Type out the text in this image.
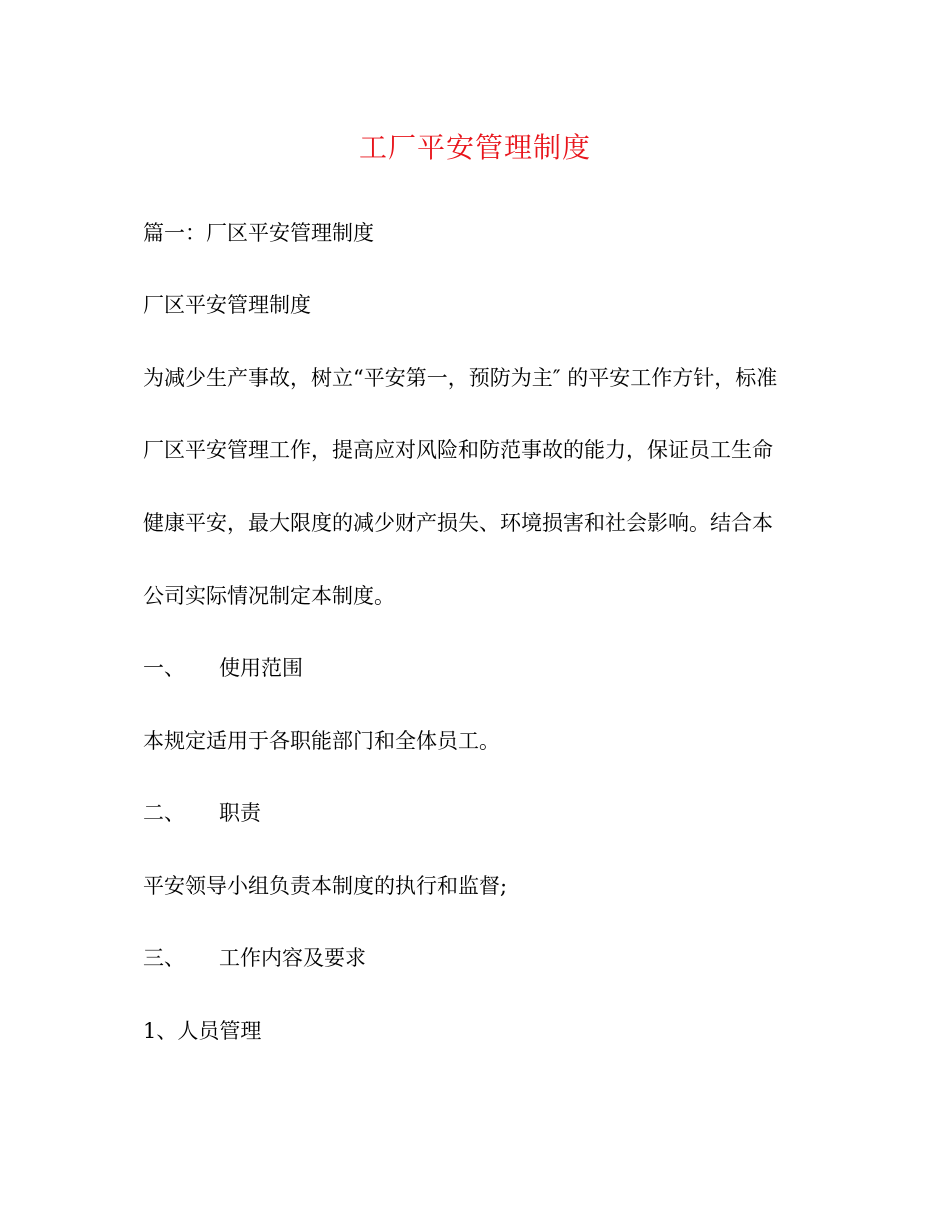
工厂平安管理制度

篇一：厂区平安管理制度

厂区平安管理制度

为减少生产事故，树立“平安第一，预防为主″ 的平安工作方针，标准

厂区平安管理工作，提高应对风险和防范事故的能力，保证员工生命

健康平安，最大限度的减少财产损失、环境损害和社会影响。结合本

公司实际情况制定本制度。

一、 使用范围

本规定适用于各职能部门和全体员工。

二、 职责

平安领导小组负责本制度的执行和监督;

三、 工作内容及要求

1、人员管理
